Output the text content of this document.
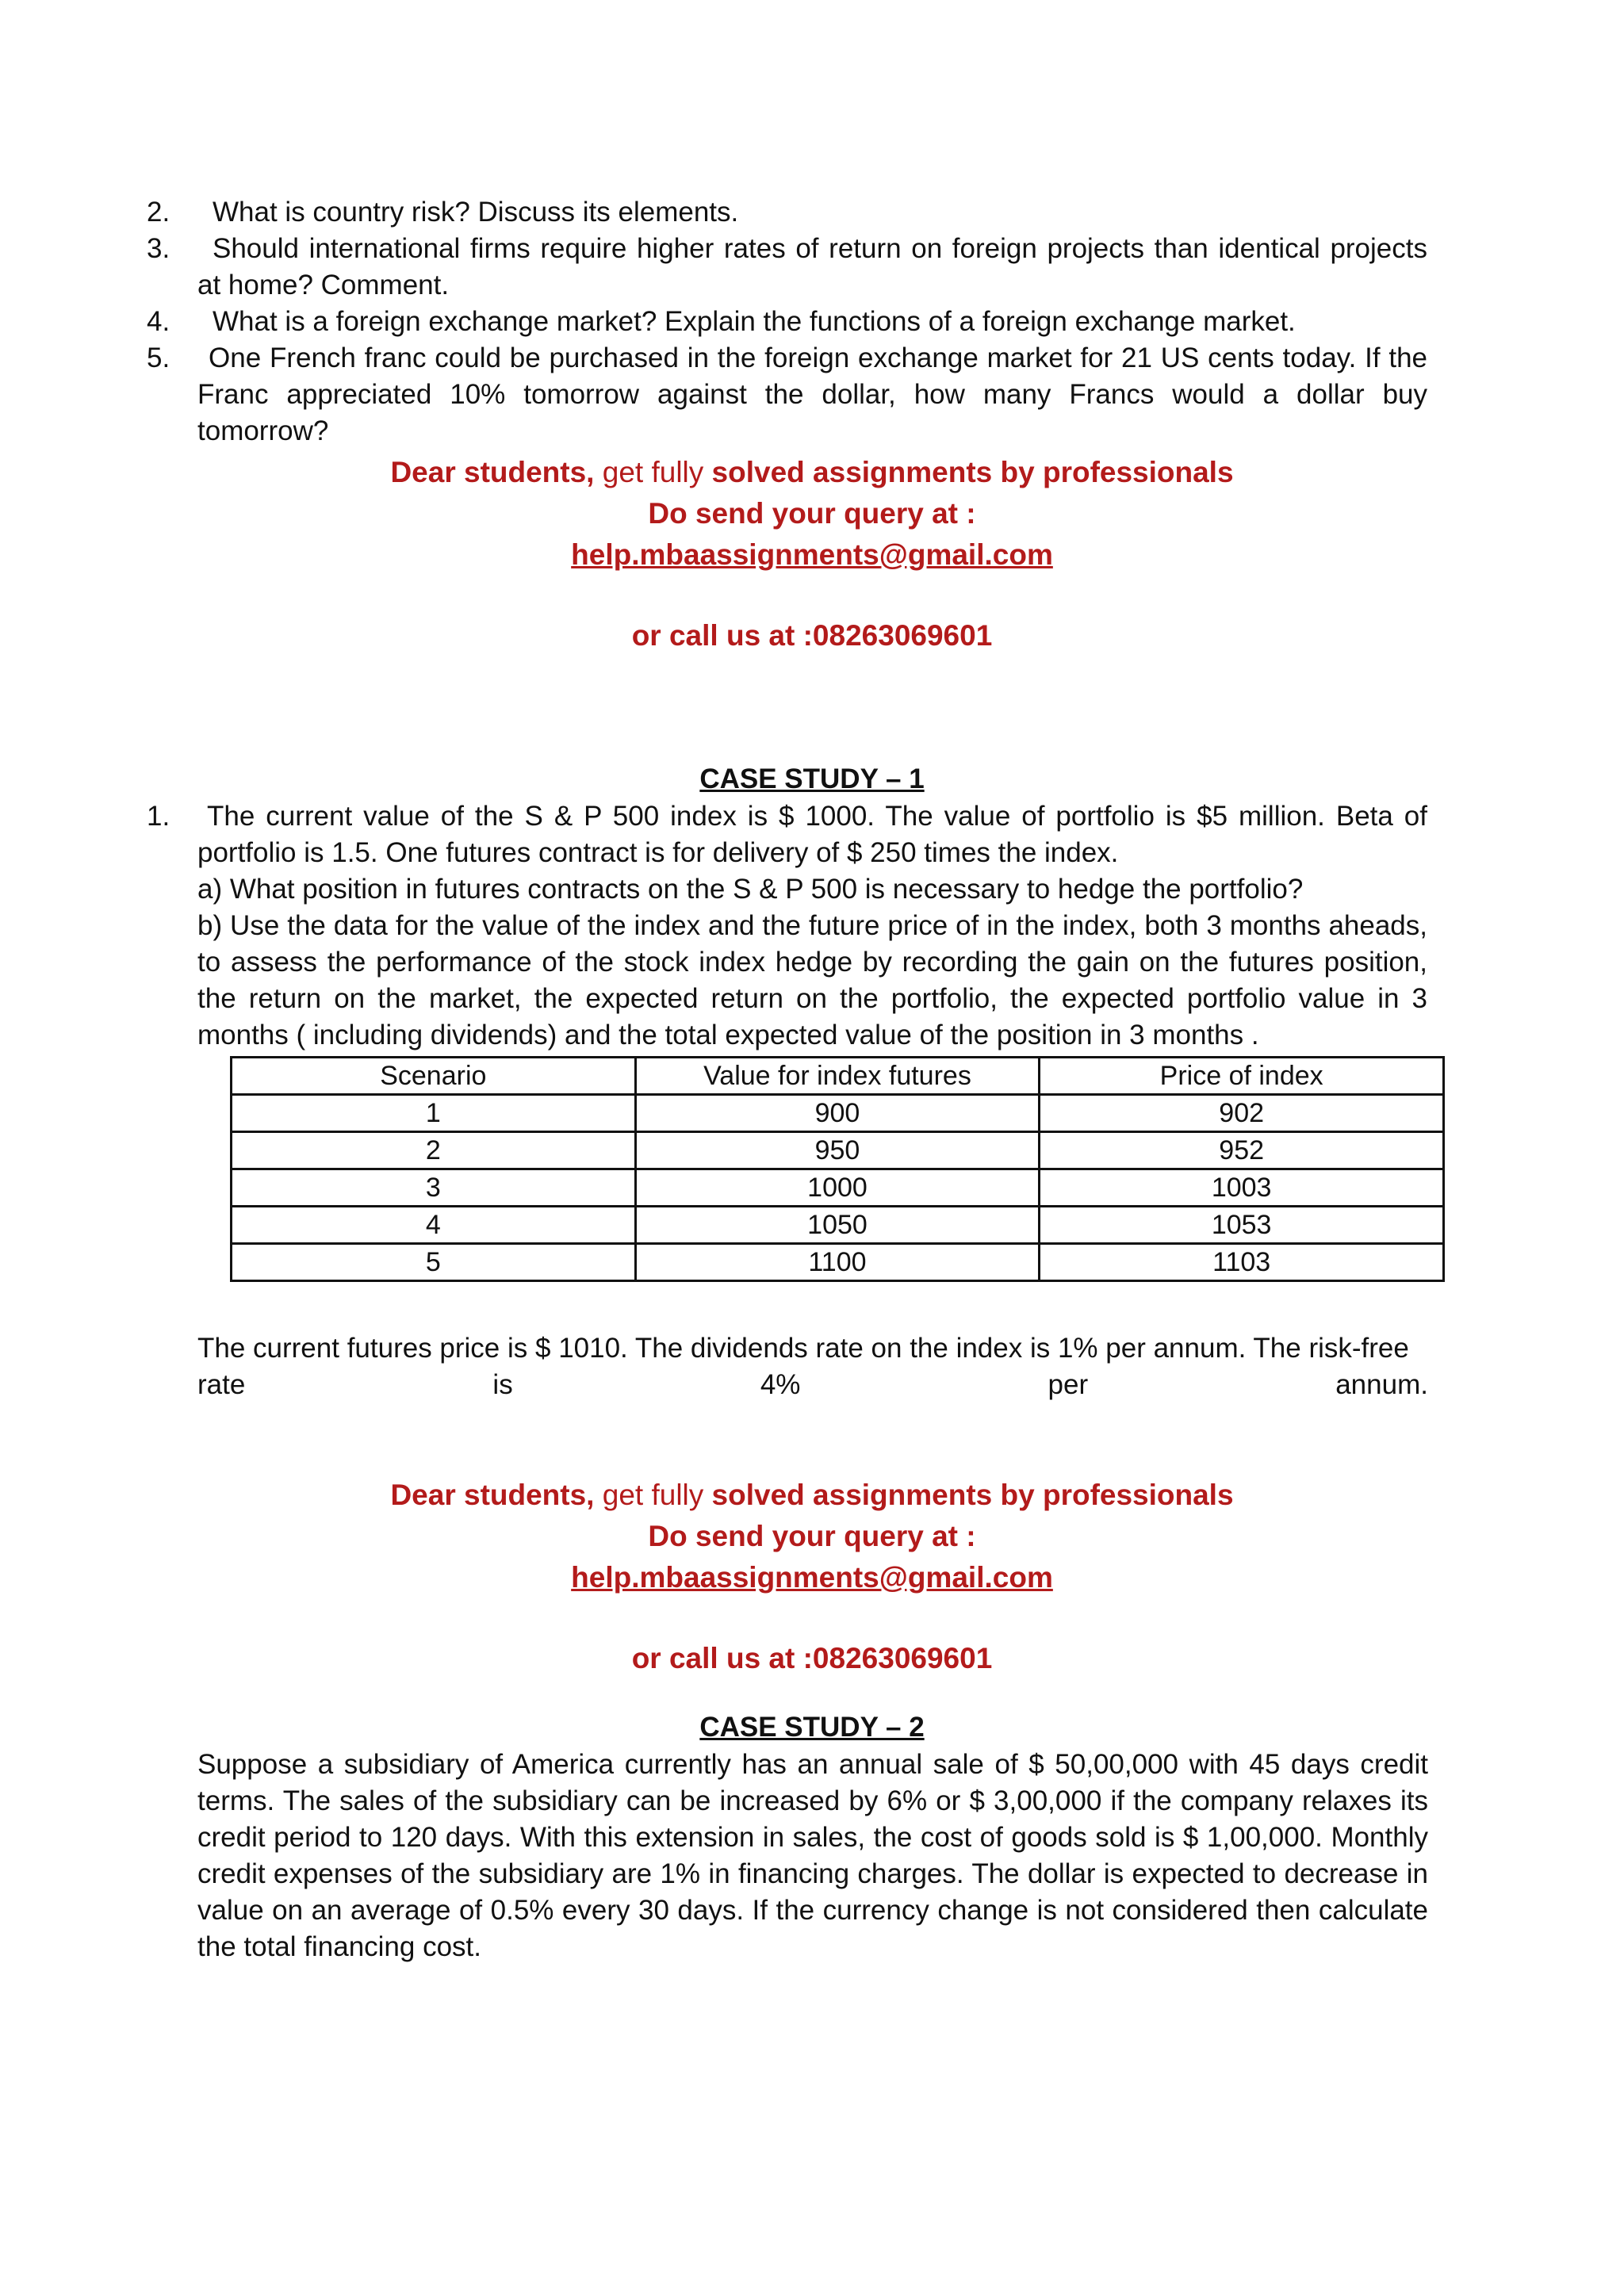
2. What is country risk? Discuss its elements.
3. Should international firms require higher rates of return on foreign projects than identical projects at home? Comment.
4. What is a foreign exchange market? Explain the functions of a foreign exchange market.
5. One French franc could be purchased in the foreign exchange market for 21 US cents today. If the Franc appreciated 10% tomorrow against the dollar, how many Francs would a dollar buy tomorrow?
Dear students, get fully solved assignments by professionals
Do send your query at :
help.mbaassignments@gmail.com
or call us at :08263069601
CASE STUDY – 1
1. The current value of the S & P 500 index is $ 1000. The value of portfolio is $5 million. Beta of portfolio is 1.5. One futures contract is for delivery of $ 250 times the index.
a) What position in futures contracts on the S & P 500 is necessary to hedge the portfolio?
b) Use the data for the value of the index and the future price of in the index, both 3 months aheads, to assess the performance of the stock index hedge by recording the gain on the futures position, the return on the market, the expected return on the portfolio, the expected portfolio value in 3 months ( including dividends) and the total expected value of the position in 3 months .
Scenario	Value for index futures	Price of index
1	900	902
2	950	952
3	1000	1003
4	1050	1053
5	1100	1103
The current futures price is $ 1010. The dividends rate on the index is 1% per annum. The risk-free
rate	is	4%	per	annum.
Dear students, get fully solved assignments by professionals
Do send your query at :
help.mbaassignments@gmail.com
or call us at :08263069601
CASE STUDY – 2
Suppose a subsidiary of America currently has an annual sale of $ 50,00,000 with 45 days credit terms. The sales of the subsidiary can be increased by 6% or $ 3,00,000 if the company relaxes its credit period to 120 days. With this extension in sales, the cost of goods sold is $ 1,00,000. Monthly credit expenses of the subsidiary are 1% in financing charges. The dollar is expected to decrease in value on an average of 0.5% every 30 days. If the currency change is not considered then calculate the total financing cost.
